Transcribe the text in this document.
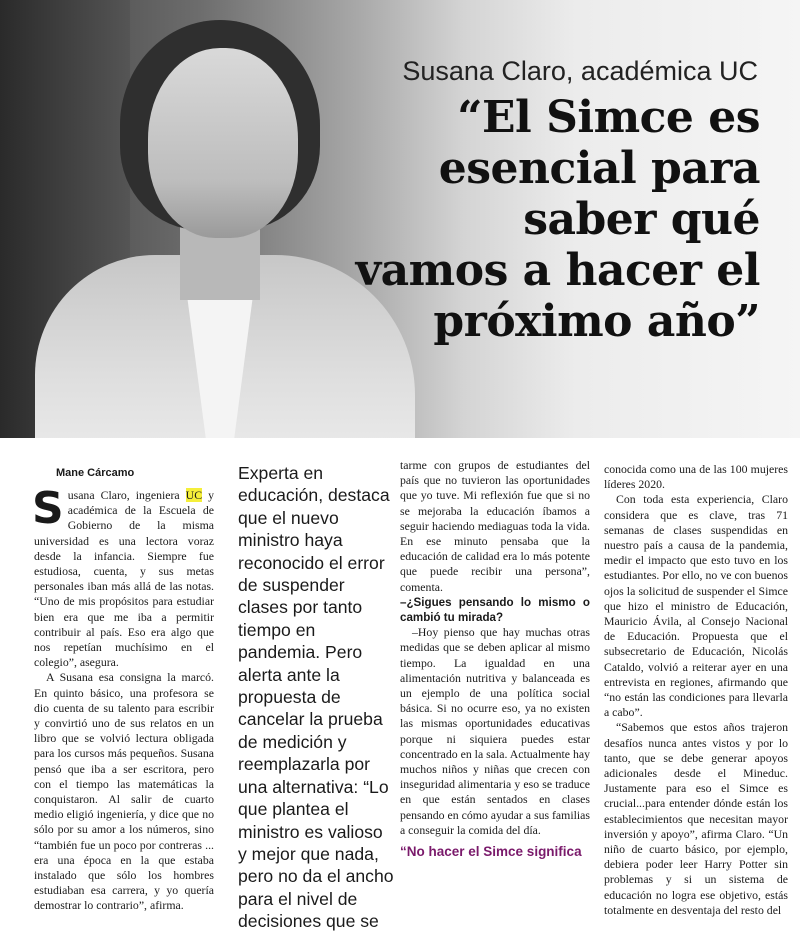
Susana Claro, académica UC
“El Simce es
esencial para
saber qué
vamos a hacer el
próximo año”
Mane Cárcamo

Susana Claro, ingeniera UC y académica de la Escuela de Gobierno de la misma universidad es una lectora voraz desde la infancia. Siempre fue estudiosa, cuenta, y sus metas personales iban más allá de las notas. “Uno de mis propósitos para estudiar bien era que me iba a permitir contribuir al país. Eso era algo que nos repetían muchísimo en el colegio”, asegura.

A Susana esa consigna la marcó. En quinto básico, una profesora se dio cuenta de su talento para escribir y convirtió uno de sus relatos en un libro que se volvió lectura obligada para los cursos más pequeños. Susana pensó que iba a ser escritora, pero con el tiempo las matemáticas la conquistaron. Al salir de cuarto medio eligió ingeniería, y dice que no sólo por su amor a los números, sino “también fue un poco por contreras ... era una época en la que estaba instalado que sólo los hombres estudiaban esa carrera, y yo quería demostrar lo contrario”, afirma.

Experta en educación, destaca que el nuevo ministro haya reconocido el error de suspender clases por tanto tiempo en pandemia. Pero alerta ante la propuesta de cancelar la prueba de medición y reemplazarla por una alternativa: “Lo que plantea el ministro es valioso y mejor que nada, pero no da el ancho para el nivel de decisiones que se

tarme con grupos de estudiantes del país que no tuvieron las oportunidades que yo tuve. Mi reflexión fue que si no se mejoraba la educación íbamos a seguir haciendo mediaguas toda la vida. En ese minuto pensaba que la educación de calidad era lo más potente que puede recibir una persona”, comenta.

–¿Sigues pensando lo mismo o cambió tu mirada?

–Hoy pienso que hay muchas otras medidas que se deben aplicar al mismo tiempo. La igualdad en una alimentación nutritiva y balanceada es un ejemplo de una política social básica. Si no ocurre eso, ya no existen las mismas oportunidades educativas porque ni siquiera puedes estar concentrado en la sala. Actualmente hay muchos niños y niñas que crecen con inseguridad alimentaria y eso se traduce en que están sentados en clases pensando en cómo ayudar a sus familias a conseguir la comida del día.

“No hacer el Simce significa

conocida como una de las 100 mujeres líderes 2020.

Con toda esta experiencia, Claro considera que es clave, tras 71 semanas de clases suspendidas en nuestro país a causa de la pandemia, medir el impacto que esto tuvo en los estudiantes. Por ello, no ve con buenos ojos la solicitud de suspender el Simce que hizo el ministro de Educación, Mauricio Ávila, al Consejo Nacional de Educación. Propuesta que el subsecretario de Educación, Nicolás Cataldo, volvió a reiterar ayer en una entrevista en regiones, afirmando que “no están las condiciones para llevarla a cabo”.

“Sabemos que estos años trajeron desafíos nunca antes vistos y por lo tanto, que se debe generar apoyos adicionales desde el Mineduc. Justamente para eso el Simce es crucial...para entender dónde están los establecimientos que necesitan mayor inversión y apoyo”, afirma Claro. “Un niño de cuarto básico, por ejemplo, debiera poder leer Harry Potter sin problemas y si un sistema de educación no logra ese objetivo, estás totalmente en desventaja del resto del
